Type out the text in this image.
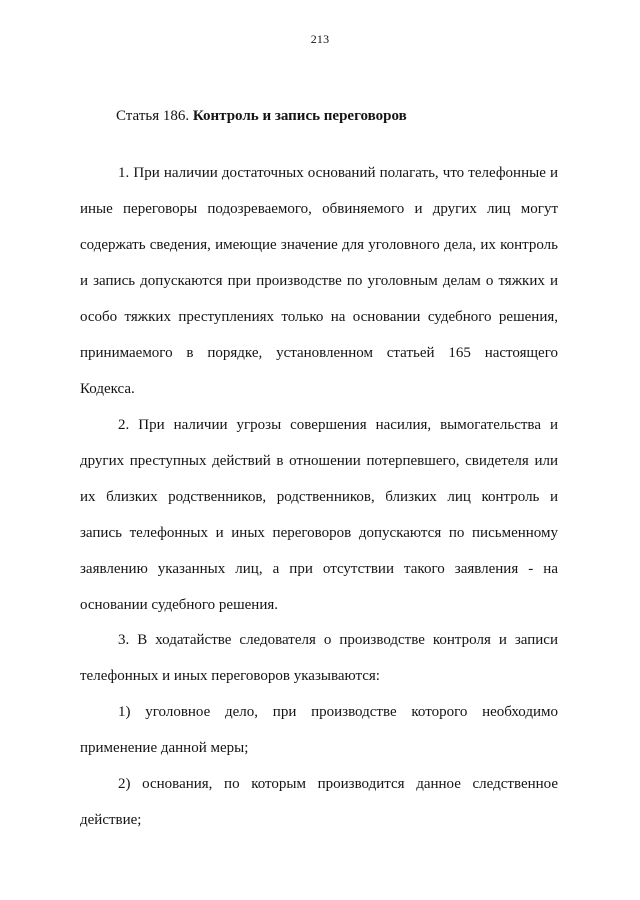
213
Статья 186. Контроль и запись переговоров
1. При наличии достаточных оснований полагать, что телефонные и
иные переговоры подозреваемого, обвиняемого и других лиц могут
содержать сведения, имеющие значение для уголовного дела, их контроль
и запись допускаются при производстве по уголовным делам о тяжких и
особо тяжких преступлениях только на основании судебного решения,
принимаемого в порядке, установленном статьей 165 настоящего
Кодекса.
2. При наличии угрозы совершения насилия, вымогательства и
других преступных действий в отношении потерпевшего, свидетеля или
их близких родственников, родственников, близких лиц контроль и
запись телефонных и иных переговоров допускаются по письменному
заявлению указанных лиц, а при отсутствии такого заявления - на
основании судебного решения.
3. В ходатайстве следователя о производстве контроля и записи
телефонных и иных переговоров указываются:
1) уголовное дело, при производстве которого необходимо
применение данной меры;
2) основания, по которым производится данное следственное
действие;
